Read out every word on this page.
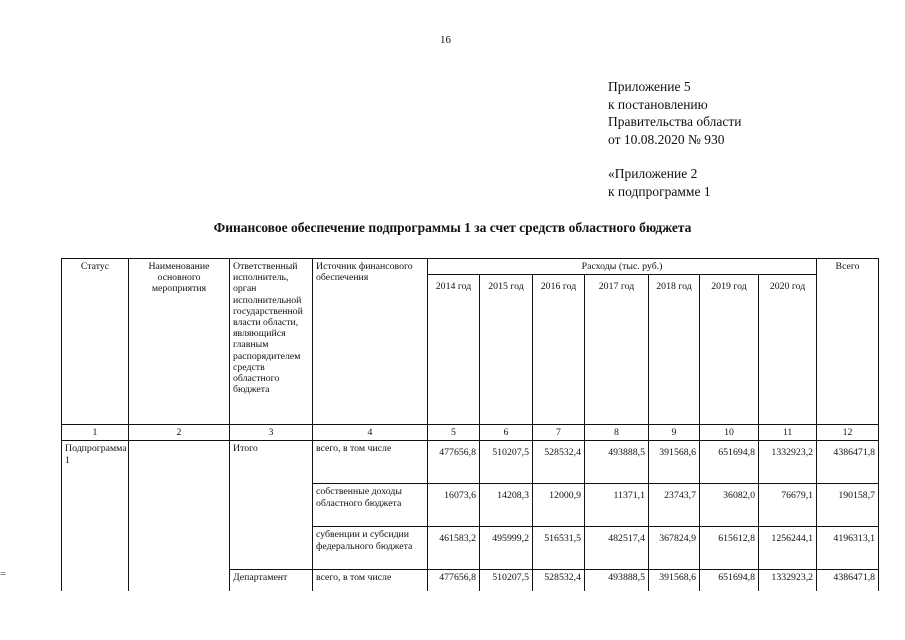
16
Приложение 5
к постановлению
Правительства области
от 10.08.2020 № 930
«Приложение 2
к подпрограмме 1
Финансовое обеспечение подпрограммы 1 за счет средств областного бюджета
=
Статус	Наименование основного мероприятия	Ответственный исполнитель, орган исполнительной государственной власти области, являющийся главным распорядителем средств областного бюджета	Источник финансового обеспечения	Расходы (тыс. руб.)							Всего
				2014 год	2015 год	2016 год	2017 год	2018 год	2019 год	2020 год	
1	2	3	4	5	6	7	8	9	10	11	12
Подпрограмма 1		Итого	всего, в том числе	477656,8	510207,5	528532,4	493888,5	391568,6	651694,8	1332923,2	4386471,8
			собственные доходы областного бюджета	16073,6	14208,3	12000,9	11371,1	23743,7	36082,0	76679,1	190158,7
			субвенции и субсидии федерального бюджета	461583,2	495999,2	516531,5	482517,4	367824,9	615612,8	1256244,1	4196313,1
		Департамент	всего, в том числе	477656,8	510207,5	528532,4	493888,5	391568,6	651694,8	1332923,2	4386471,8
